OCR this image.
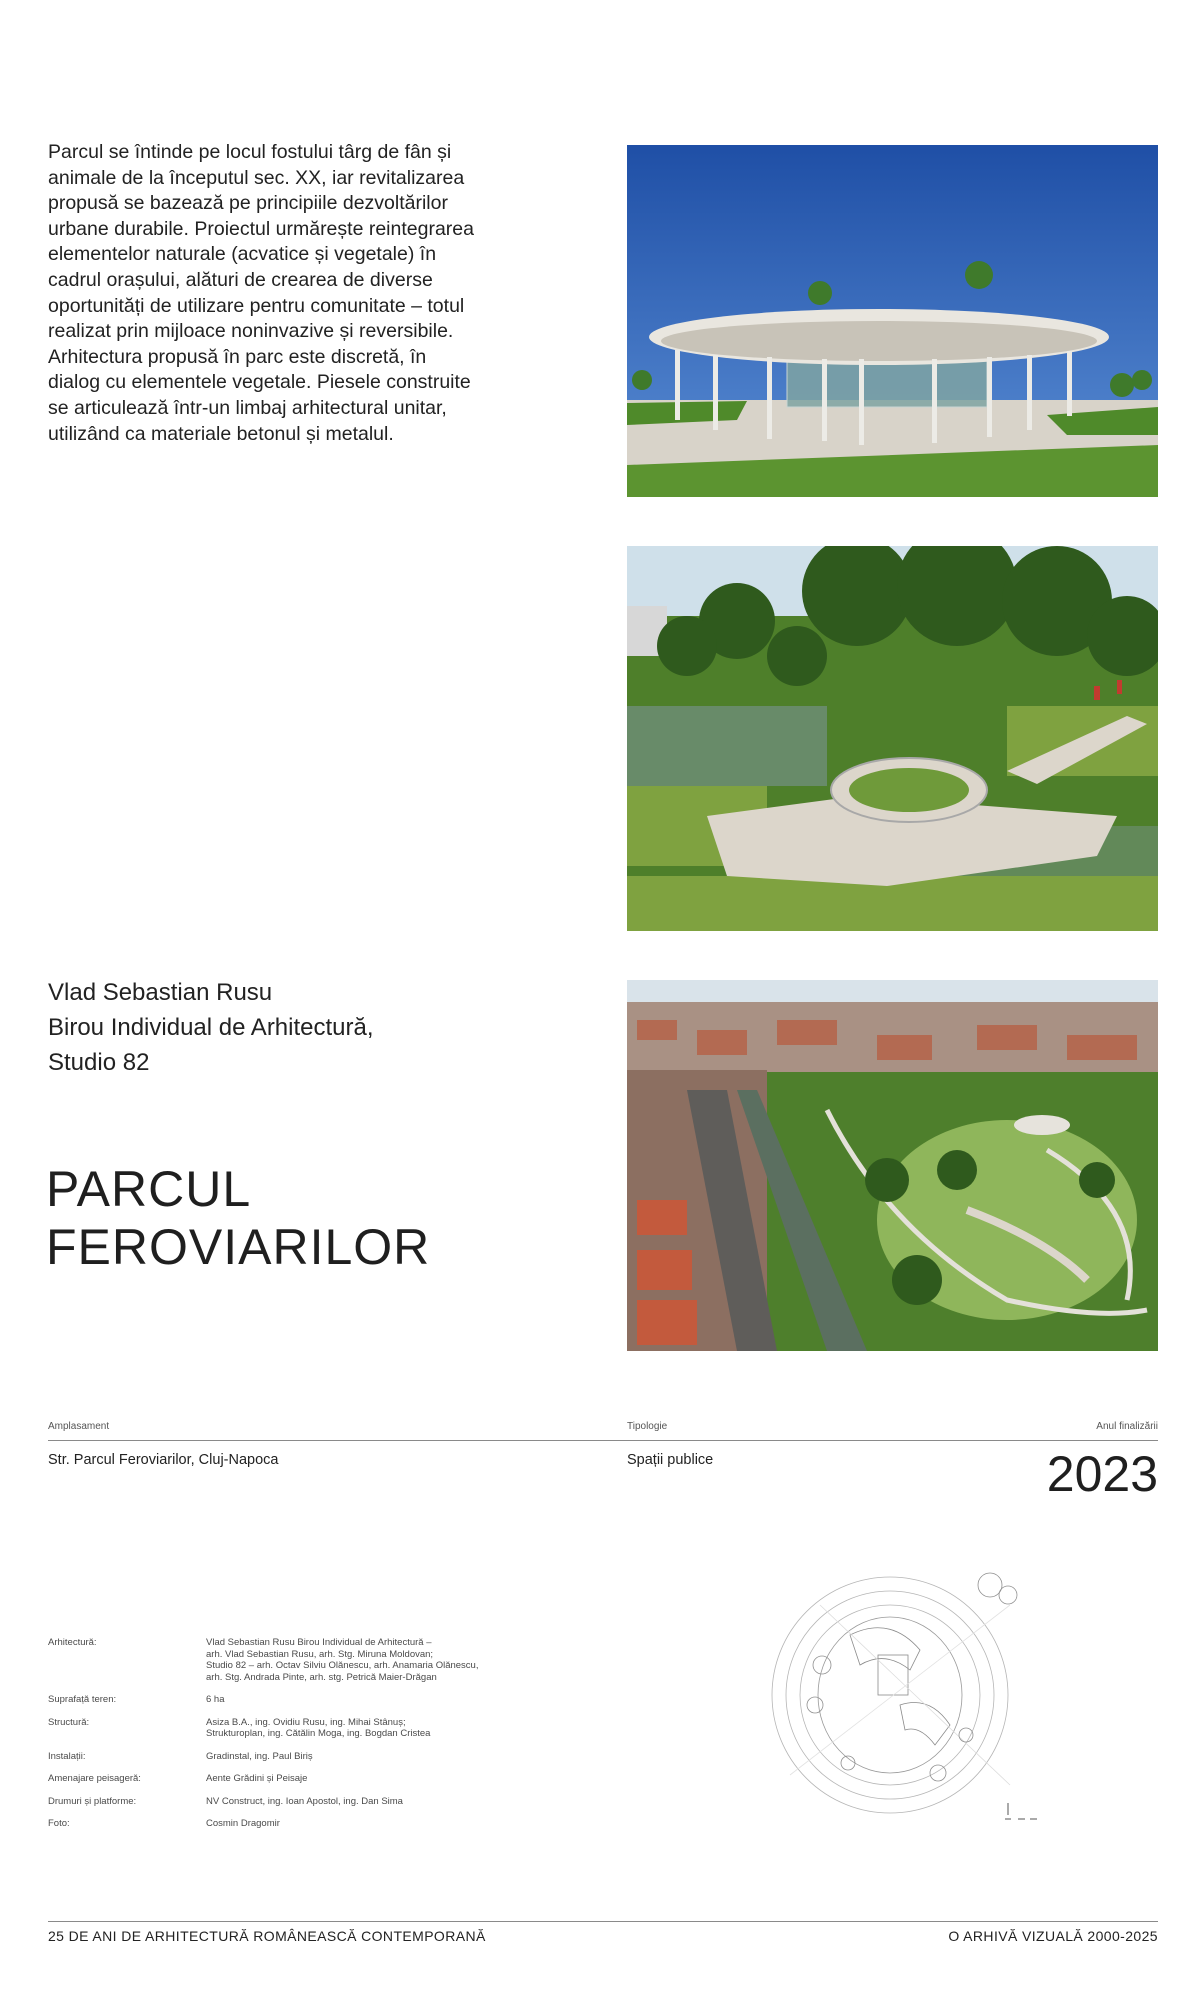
Parcul se întinde pe locul fostului târg de fân și
animale de la începutul sec. XX, iar revitalizarea
propusă se bazează pe principiile dezvoltărilor
urbane durabile. Proiectul urmărește reintegrarea
elementelor naturale (acvatice și vegetale) în
cadrul orașului, alături de crearea de diverse
oportunități de utilizare pentru comunitate – totul
realizat prin mijloace noninvazive și reversibile.
Arhitectura propusă în parc este discretă, în
dialog cu elementele vegetale. Piesele construite
se articulează într-un limbaj arhitectural unitar,
utilizând ca materiale betonul și metalul.
Vlad Sebastian Rusu
Birou Individual de Arhitectură,
Studio 82
PARCUL
FEROVIARILOR
Amplasament	Tipologie	Anul finalizării
Str. Parcul Feroviarilor, Cluj-Napoca	Spații publice	2023
Arhitectură:	Vlad Sebastian Rusu Birou Individual de Arhitectură –
arh. Vlad Sebastian Rusu, arh. Stg. Miruna Moldovan;
Studio 82 – arh. Octav Silviu Olănescu, arh. Anamaria Olănescu,
arh. Stg. Andrada Pinte, arh. stg. Petrică Maier-Drăgan
Suprafață teren:	6 ha
Structură:	Asiza B.A., ing. Ovidiu Rusu, ing. Mihai Stânuș;
Strukturoplan, ing. Cătălin Moga, ing. Bogdan Cristea
Instalații:	Gradinstal, ing. Paul Biriș
Amenajare peisageră:	Aente Grădini și Peisaje
Drumuri și platforme:	NV Construct, ing. Ioan Apostol, ing. Dan Sima
Foto:	Cosmin Dragomir
25 DE ANI DE ARHITECTURĂ ROMÂNEASCĂ CONTEMPORANĂ	O ARHIVĂ VIZUALĂ 2000-2025
